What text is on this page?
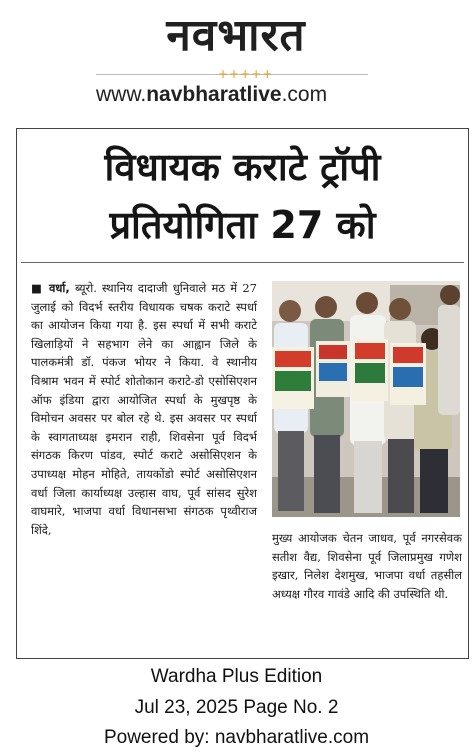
नवभारत
+++++
www.navbharatlive.com
विधायक कराटे ट्रॉपी
प्रतियोगिता 27 को
■ वर्धा, ब्यूरो. स्थानिय दादाजी धुनिवाले मठ में 27 जुलाई को विदर्भ स्तरीय विधायक चषक कराटे स्पर्धा का आयोजन किया गया है. इस स्पर्धा में सभी कराटे खिलाड़ियों ने सहभाग लेने का आह्वान जिले के पालकमंत्री डॉ. पंकज भोयर ने किया. वे स्थानीय विश्राम भवन में स्पोर्ट शोतोकान कराटे-डो एसोसिएशन ऑफ इंडिया द्वारा आयोजित स्पर्धा के मुखपृष्ठ के विमोचन अवसर पर बोल रहे थे. इस अवसर पर स्पर्धा के स्वागताध्यक्ष इमरान राही, शिवसेना पूर्व विदर्भ संगठक किरण पांडव, स्पोर्ट कराटे असोसिएशन के उपाध्यक्ष मोहन मोहिते, तायकोंडो स्पोर्ट असोसिएशन वर्धा जिला कार्याध्यक्ष उल्हास वाघ, पूर्व सांसद सुरेश वाघमारे, भाजपा वर्धा विधानसभा संगठक पृथ्वीराज शिंदे,
मुख्य आयोजक चेतन जाधव, पूर्व नगरसेवक सतीश वैद्य, शिवसेना पूर्व जिलाप्रमुख गणेश इखार, निलेश देशमुख, भाजपा वर्धा तहसील अध्यक्ष गौरव गावंडे आदि की उपस्थिति थी.
Wardha Plus Edition
Jul 23, 2025 Page No. 2
Powered by: navbharatlive.com
